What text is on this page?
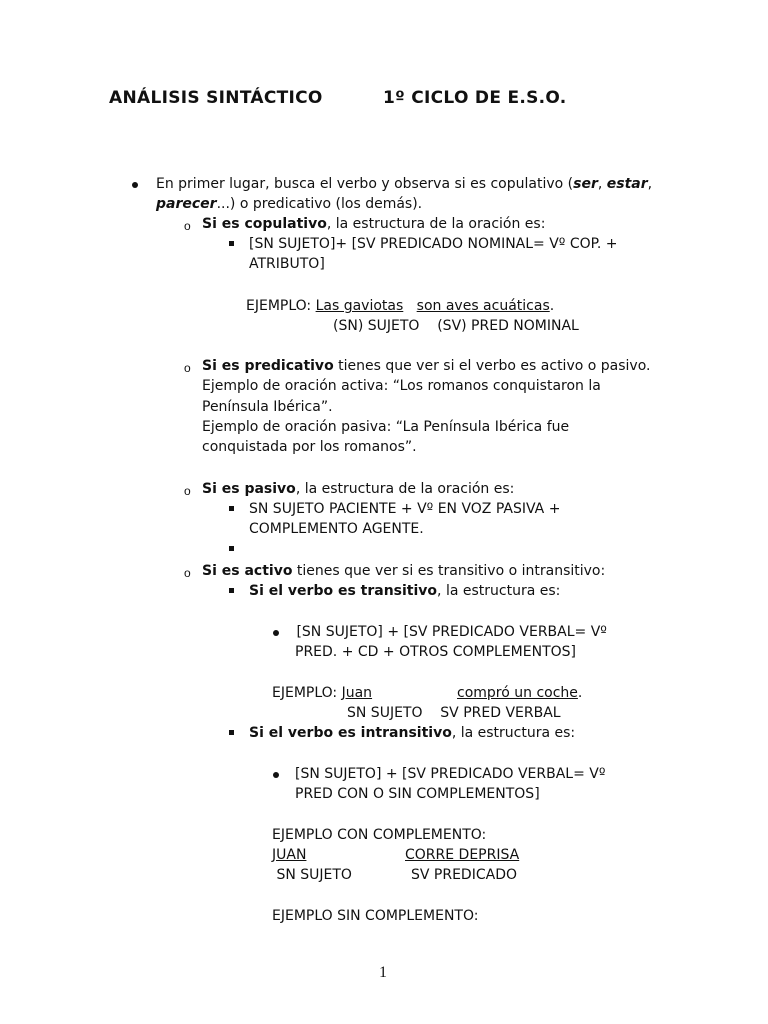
ANÁLISIS SINTÁCTICO	1º CICLO DE E.S.O.
En primer lugar, busca el verbo y observa si es copulativo (ser, estar,
parecer...) o predicativo (los demás).
o Si es copulativo, la estructura de la oración es:
[SN SUJETO]+ [SV PREDICADO NOMINAL= Vº COP. +
ATRIBUTO]
EJEMPLO: Las gaviotas son aves acuáticas.
(SN) SUJETO    (SV) PRED NOMINAL
o Si es predicativo tienes que ver si el verbo es activo o pasivo.
Ejemplo de oración activa: “Los romanos conquistaron la
Península Ibérica”.
Ejemplo de oración pasiva: “La Península Ibérica fue
conquistada por los romanos”.
o Si es pasivo, la estructura de la oración es:
SN SUJETO PACIENTE + Vº EN VOZ PASIVA +
COMPLEMENTO AGENTE.
o Si es activo tienes que ver si es transitivo o intransitivo:
Si el verbo es transitivo, la estructura es:
[SN SUJETO] + [SV PREDICADO VERBAL= Vº
PRED. + CD + OTROS COMPLEMENTOS]
EJEMPLO: Juan	compró un coche.
SN SUJETO    SV PRED VERBAL
Si el verbo es intransitivo, la estructura es:
[SN SUJETO] + [SV PREDICADO VERBAL= Vº
PRED CON O SIN COMPLEMENTOS]
EJEMPLO CON COMPLEMENTO:
JUAN	CORRE DEPRISA
SN SUJETO	SV PREDICADO
EJEMPLO SIN COMPLEMENTO:
1
